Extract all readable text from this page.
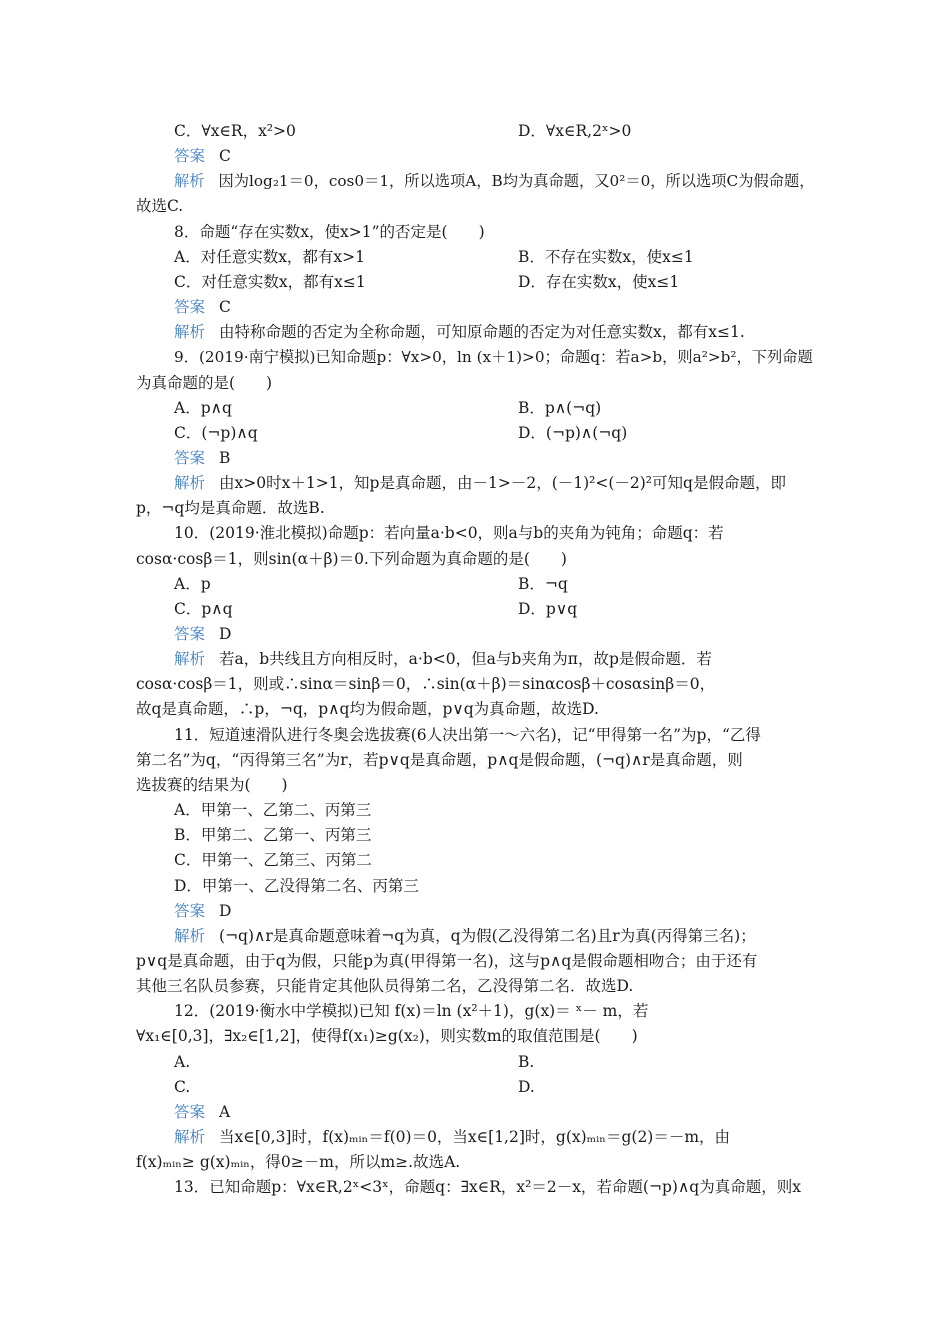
C．∀x∈R，x²>0	D．∀x∈R,2ˣ>0
答案 C
解析 因为log₂1＝0，cos0＝1，所以选项A，B均为真命题，又0²＝0，所以选项C为假命题，
故选C.
8．命题“存在实数x，使x>1”的否定是(　　)
A．对任意实数x，都有x>1	B．不存在实数x，使x≤1
C．对任意实数x，都有x≤1	D．存在实数x，使x≤1
答案 C
解析 由特称命题的否定为全称命题，可知原命题的否定为对任意实数x，都有x≤1.
9．(2019·南宁模拟)已知命题p：∀x>0，ln (x＋1)>0；命题q：若a>b，则a²>b²，下列命题
为真命题的是(　　)
A．p∧q	B．p∧(¬q)
C．(¬p)∧q	D．(¬p)∧(¬q)
答案 B
解析 由x>0时x＋1>1，知p是真命题，由－1>－2，(－1)²<(－2)²可知q是假命题，即
p，¬q均是真命题．故选B.
10．(2019·淮北模拟)命题p：若向量a·b<0，则a与b的夹角为钝角；命题q：若
cosα·cosβ＝1，则sin(α＋β)＝0.下列命题为真命题的是(　　)
A．p	B．¬q
C．p∧q	D．p∨q
答案 D
解析 若a，b共线且方向相反时，a·b<0，但a与b夹角为π，故p是假命题．若
cosα·cosβ＝1，则或∴sinα＝sinβ＝0，∴sin(α＋β)＝sinαcosβ＋cosαsinβ＝0，
故q是真命题，∴p，¬q，p∧q均为假命题，p∨q为真命题，故选D.
11．短道速滑队进行冬奥会选拔赛(6人决出第一～六名)，记“甲得第一名”为p，“乙得
第二名”为q，“丙得第三名”为r，若p∨q是真命题，p∧q是假命题，(¬q)∧r是真命题，则
选拔赛的结果为(　　)
A．甲第一、乙第二、丙第三
B．甲第二、乙第一、丙第三
C．甲第一、乙第三、丙第二
D．甲第一、乙没得第二名、丙第三
答案 D
解析 (¬q)∧r是真命题意味着¬q为真，q为假(乙没得第二名)且r为真(丙得第三名)；
p∨q是真命题，由于q为假，只能p为真(甲得第一名)，这与p∧q是假命题相吻合；由于还有
其他三名队员参赛，只能肯定其他队员得第二名，乙没得第二名．故选D.
12．(2019·衡水中学模拟)已知 f(x)＝ln (x²＋1)，g(x)＝ ˣ－ m，若
∀x₁∈[0,3]，∃x₂∈[1,2]，使得f(x₁)≥g(x₂)，则实数m的取值范围是(　　)
A.	B.
C.	D.
答案 A
解析 当x∈[0,3]时，f(x)ₘᵢₙ＝f(0)＝0，当x∈[1,2]时，g(x)ₘᵢₙ＝g(2)＝－m，由
f(x)ₘᵢₙ≥ g(x)ₘᵢₙ，得0≥－m，所以m≥.故选A.
13．已知命题p：∀x∈R,2ˣ<3ˣ，命题q：∃x∈R，x²＝2－x，若命题(¬p)∧q为真命题，则x
